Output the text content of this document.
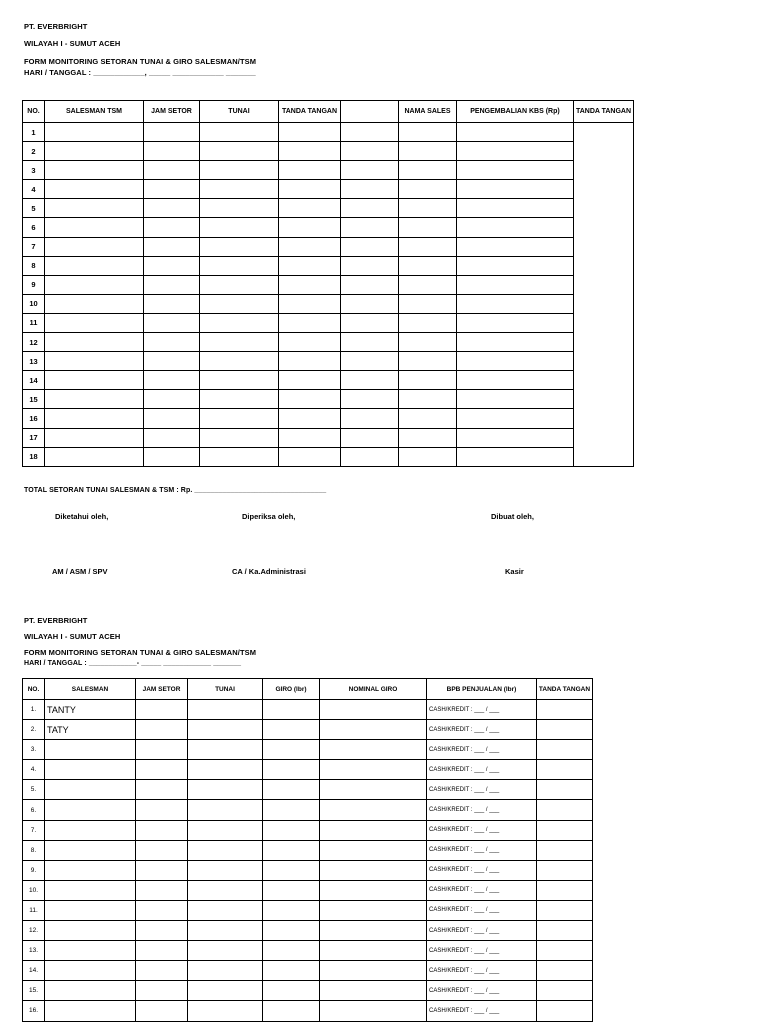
PT. EVERBRIGHT
WILAYAH I - SUMUT ACEH
FORM MONITORING SETORAN TUNAI & GIRO SALESMAN/TSM
HARI / TANGGAL : ____________, _____ ____________ _______
NO.	SALESMAN TSM	JAM SETOR	TUNAI	TANDA TANGAN		NAMA SALES	PENGEMBALIAN KBS (Rp)	TANDA TANGAN
1								
2								
3								
4								
5								
6								
7								
8								
9								
10								
11								
12								
13								
14								
15								
16								
17								
18								
TOTAL SETORAN TUNAI SALESMAN & TSM : Rp. _________________________________
Diketahui oleh,	Diperiksa oleh,	Dibuat oleh,
AM / ASM / SPV	CA / Ka.Administrasi	Kasir
PT. EVERBRIGHT
WILAYAH I - SUMUT ACEH
FORM MONITORING SETORAN TUNAI & GIRO SALESMAN/TSM
HARI / TANGGAL : ____________- _____ ____________ _______
NO.	SALESMAN	JAM SETOR	TUNAI	GIRO (lbr)	NOMINAL GIRO	BPB PENJUALAN (lbr)	TANDA TANGAN
1.	TANTY					CASH/KREDIT : ___ / ___	
2.	TATY					CASH/KREDIT : ___ / ___	
3.						CASH/KREDIT : ___ / ___	
4.						CASH/KREDIT : ___ / ___	
5.						CASH/KREDIT : ___ / ___	
6.						CASH/KREDIT : ___ / ___	
7.						CASH/KREDIT : ___ / ___	
8.						CASH/KREDIT : ___ / ___	
9.						CASH/KREDIT : ___ / ___	
10.						CASH/KREDIT : ___ / ___	
11.						CASH/KREDIT : ___ / ___	
12.						CASH/KREDIT : ___ / ___	
13.						CASH/KREDIT : ___ / ___	
14.						CASH/KREDIT : ___ / ___	
15.						CASH/KREDIT : ___ / ___	
16.						CASH/KREDIT : ___ / ___	
